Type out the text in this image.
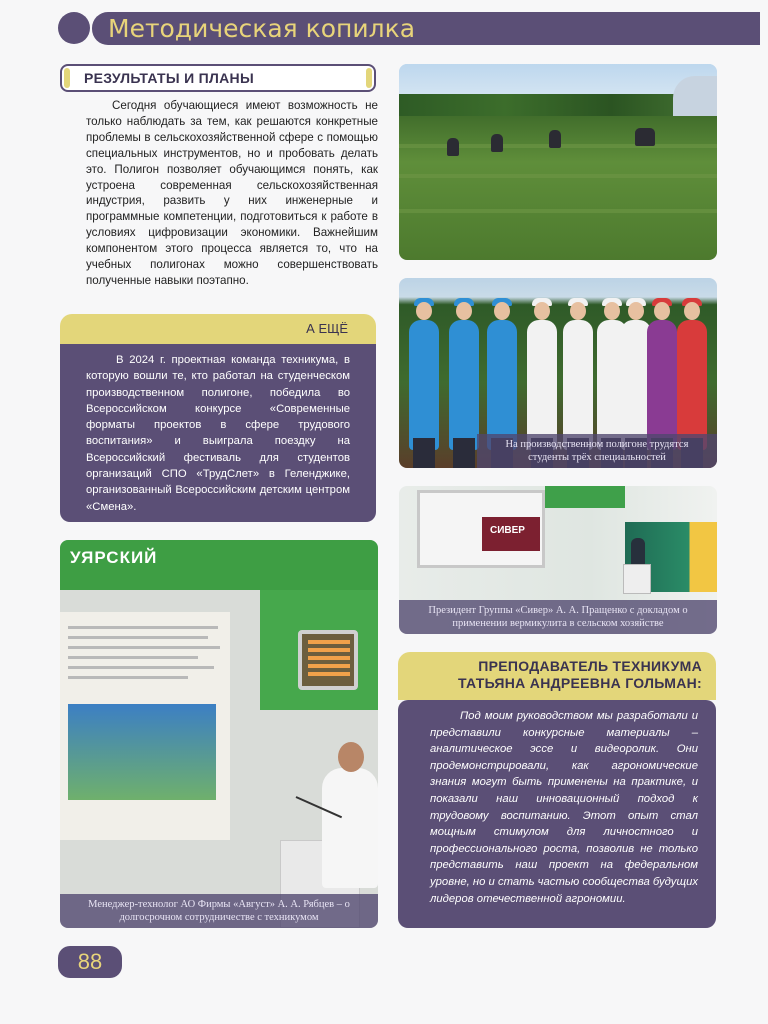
Методическая копилка
РЕЗУЛЬТАТЫ И ПЛАНЫ

Сегодня обучающиеся имеют возможность не только наблюдать за тем, как решаются конкретные проблемы в сельскохозяйственной сфере с помощью специальных инструментов, но и пробовать делать это. Полигон позволяет обучающимся понять, как устроена современная сельскохозяйственная индустрия, развить у них инженерные и программные компетенции, подготовиться к работе в условиях цифровизации экономики. Важнейшим компонентом этого процесса является то, что на учебных полигонах можно совершенствовать полученные навыки поэтапно.

А ЕЩЁ

В 2024 г. проектная команда техникума, в которую вошли те, кто работал на студенческом производственном полигоне, победила во Всероссийском конкурсе «Современные форматы проектов в сфере трудового воспитания» и выиграла поездку на Всероссийский фестиваль для студентов организаций СПО «ТрудСлет» в Геленджике, организованный Всероссийским детским центром «Смена».

На производственном полигоне трудятся студенты трёх специальностей
СИВЕР
Президент Группы «Сивер» А. А. Пращенко с докладом о применении вермикулита в сельском хозяйстве
УЯРСКИЙ
Менеджер-технолог АО Фирмы «Август» А. А. Рябцев – о долгосрочном сотрудничестве с техникумом
ПРЕПОДАВАТЕЛЬ ТЕХНИКУМА
ТАТЬЯНА АНДРЕЕВНА ГОЛЬМАН:

Под моим руководством мы разработали и представили конкурсные материалы – аналитическое эссе и видеоролик. Они продемонстрировали, как агрономические знания могут быть применены на практике, и показали наш инновационный подход к трудовому воспитанию. Этот опыт стал мощным стимулом для личностного и профессионального роста, позволив не только представить наш проект на федеральном уровне, но и стать частью сообщества будущих лидеров отечественной агрономии.

88
